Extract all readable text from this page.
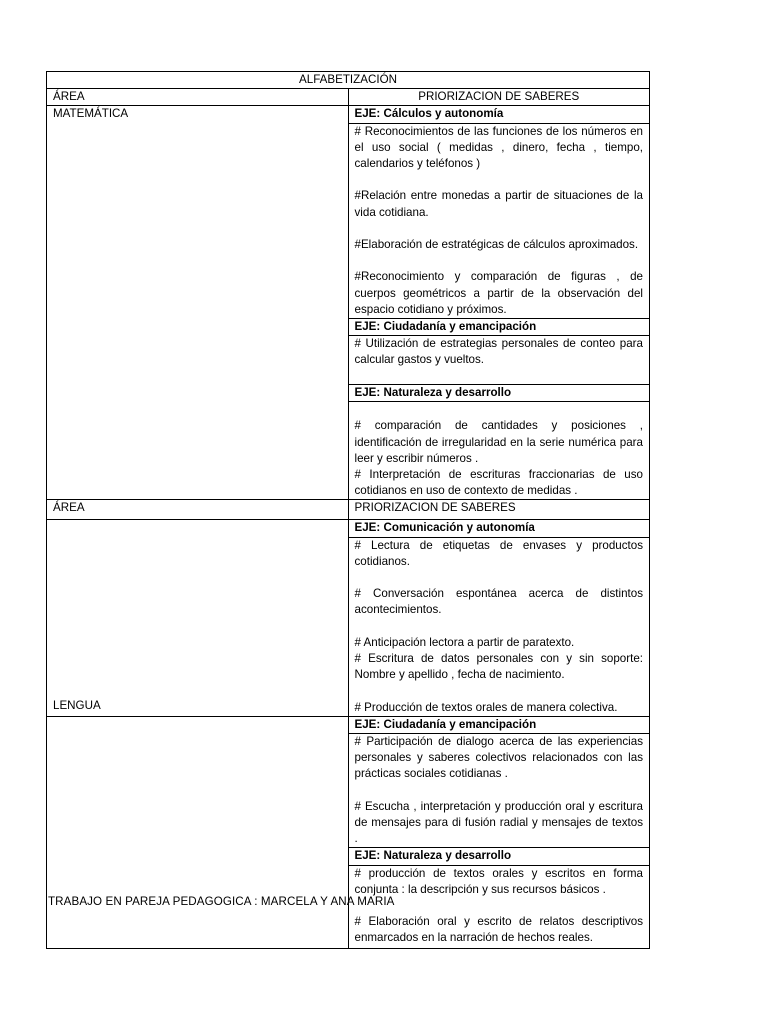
ALFABETIZACIÓN	
ÁREA	PRIORIZACION DE SABERES
MATEMÁTICA	EJE: Cálculos y autonomía

	# Reconocimientos de las funciones de los números en el uso social ( medidas , dinero, fecha , tiempo, calendarios y teléfonos )

#Relación entre monedas a partir de situaciones de la vida cotidiana.

#Elaboración de estratégicas de cálculos aproximados.

#Reconocimiento y comparación de figuras , de cuerpos geométricos a partir de la observación del espacio cotidiano y próximos.

	EJE: Ciudadanía y emancipación

	# Utilización de estrategias personales de conteo para calcular gastos y vueltos.

	EJE: Naturaleza y desarrollo

	# comparación de cantidades y posiciones , identificación de irregularidad en la serie numérica para leer y escribir números .

# Interpretación de escrituras fraccionarias de uso cotidianos en uso de contexto de medidas .

ÁREA	PRIORIZACION DE SABERES
LENGUA	EJE: Comunicación y autonomía

	# Lectura de etiquetas de envases y productos cotidianos.

# Conversación espontánea acerca de distintos acontecimientos.

# Anticipación lectora a partir de paratexto.

# Escritura de datos personales con y sin soporte: Nombre y apellido , fecha de nacimiento.

# Producción de textos orales de manera colectiva.

	EJE: Ciudadanía y emancipación

	# Participación de dialogo acerca de las experiencias personales y saberes colectivos relacionados con las prácticas sociales cotidianas .

# Escucha , interpretación y producción oral y escritura de mensajes para di fusión radial y mensajes de textos .

	EJE: Naturaleza y desarrollo

	# producción de textos orales y escritos en forma conjunta : la descripción y sus recursos básicos .

# Elaboración oral y escrito de relatos descriptivos enmarcados en la narración de hechos reales.

TRABAJO EN PAREJA PEDAGOGICA : MARCELA Y ANA MARIA
